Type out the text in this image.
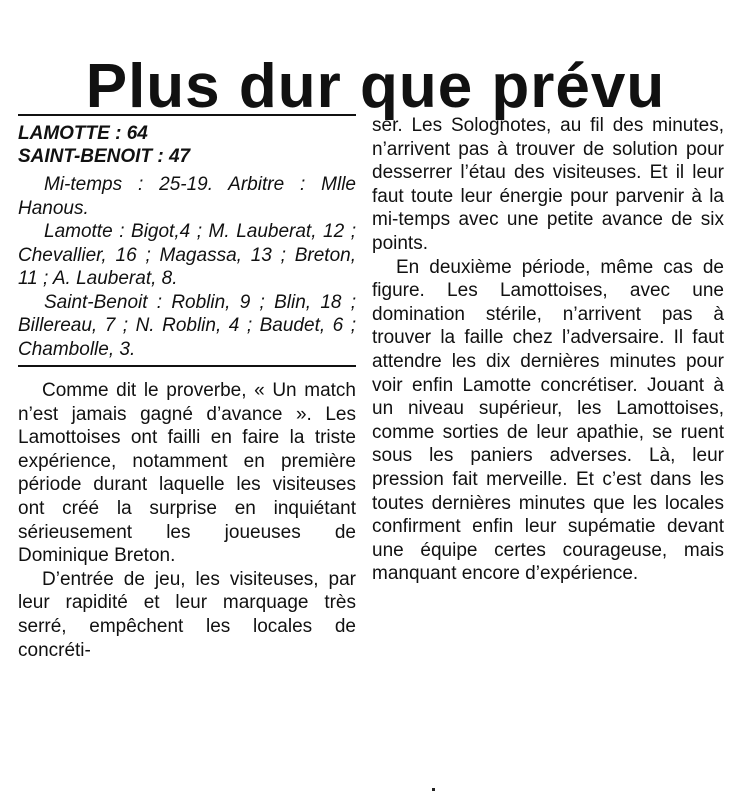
Plus dur que prévu

LAMOTTE : 64

SAINT-BENOIT : 47

Mi-temps : 25-19. Arbitre : Mlle Hanous.

Lamotte : Bigot,4 ; M. Lauberat, 12 ; Chevallier, 16 ; Magassa, 13 ; Breton, 11 ; A. Lauberat, 8.

Saint-Benoit : Roblin, 9 ; Blin, 18 ; Billereau, 7 ; N. Roblin, 4 ; Baudet, 6 ; Chambolle, 3.

Comme dit le proverbe, « Un match n’est jamais gagné d’avance ». Les Lamottoises ont failli en faire la triste expérience, notamment en première période durant laquelle les visiteuses ont créé la surprise en inquiétant sérieusement les joueuses de Dominique Breton.

D’entrée de jeu, les visiteuses, par leur rapidité et leur marquage très serré, empêchent les locales de concréti-

ser. Les Solognotes, au fil des minutes, n’arrivent pas à trouver de solution pour desserrer l’étau des visiteuses. Et il leur faut toute leur énergie pour parvenir à la mi-temps avec une petite avance de six points.

En deuxième période, même cas de figure. Les Lamottoises, avec une domination stérile, n’arrivent pas à trouver la faille chez l’adversaire. Il faut attendre les dix dernières minutes pour voir enfin Lamotte concrétiser. Jouant à un niveau supérieur, les Lamottoises, comme sorties de leur apathie, se ruent sous les paniers adverses. Là, leur pression fait merveille. Et c’est dans les toutes dernières minutes que les locales confirment enfin leur supématie devant une équipe certes courageuse, mais manquant encore d’expérience.
